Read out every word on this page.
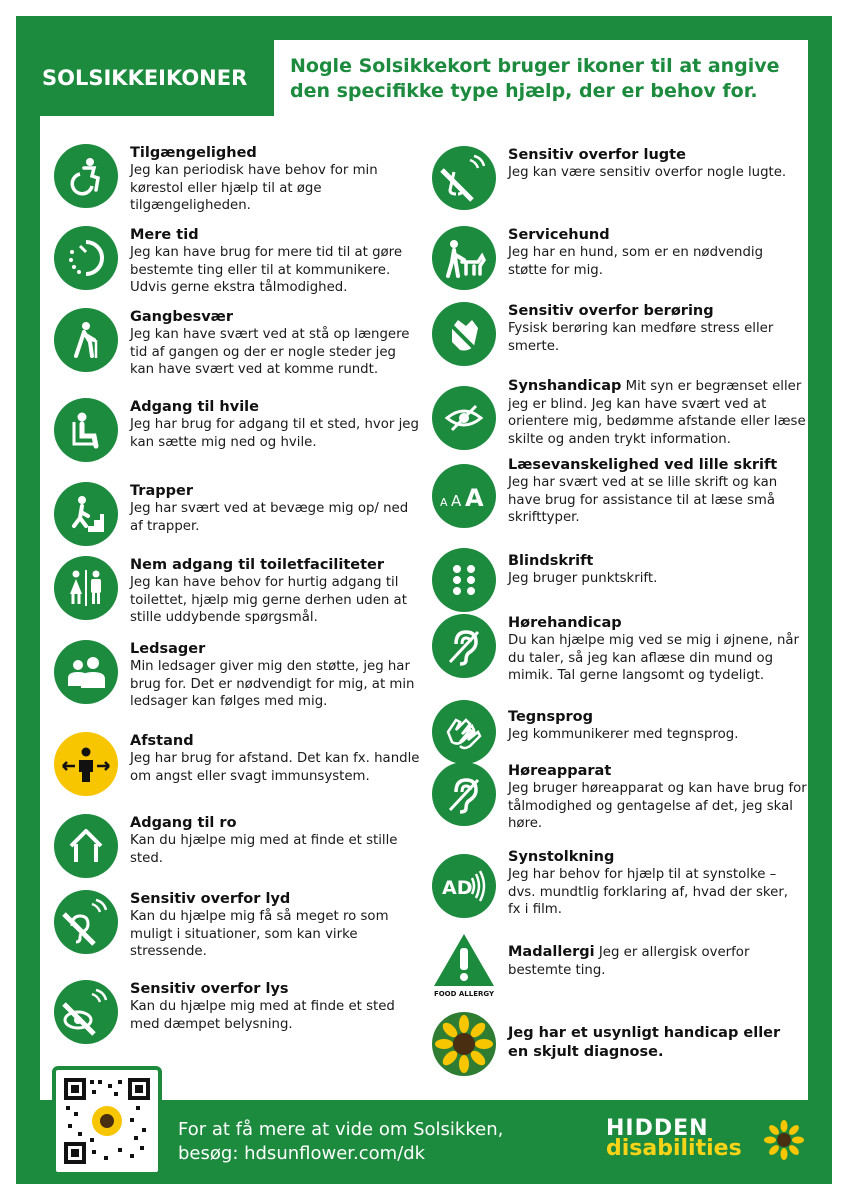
SOLSIKKEIKONER	Nogle Solsikkekort bruger ikoner til at angive den specifikke type hjælp, der er behov for.
Tilgængelighed
Jeg kan periodisk have behov for min kørestol eller hjælp til at øge tilgængeligheden.
Mere tid
Jeg kan have brug for mere tid til at gøre bestemte ting eller til at kommunikere. Udvis gerne ekstra tålmodighed.
Gangbesvær
Jeg kan have svært ved at stå op længere tid af gangen og der er nogle steder jeg kan have svært ved at komme rundt.
Adgang til hvile
Jeg har brug for adgang til et sted, hvor jeg kan sætte mig ned og hvile.
Trapper
Jeg har svært ved at bevæge mig op/ ned af trapper.
Nem adgang til toiletfaciliteter
Jeg kan have behov for hurtig adgang til toilettet, hjælp mig gerne derhen uden at stille uddybende spørgsmål.
Ledsager
Min ledsager giver mig den støtte, jeg har brug for. Det er nødvendigt for mig, at min ledsager kan følges med mig.
Afstand
Jeg har brug for afstand. Det kan fx. handle om angst eller svagt immunsystem.
Adgang til ro
Kan du hjælpe mig med at finde et stille sted.
Sensitiv overfor lyd
Kan du hjælpe mig få så meget ro som muligt i situationer, som kan virke stressende.
Sensitiv overfor lys
Kan du hjælpe mig med at finde et sted med dæmpet belysning.
Sensitiv overfor lugte
Jeg kan være sensitiv overfor nogle lugte.
Servicehund
Jeg har en hund, som er en nødvendig støtte for mig.
Sensitiv overfor berøring
Fysisk berøring kan medføre stress eller smerte.
Synshandicap Mit syn er begrænset eller jeg er blind. Jeg kan have svært ved at orientere mig, bedømme afstande eller læse skilte og anden trykt information.
A A A
Læsevanskelighed ved lille skrift
Jeg har svært ved at se lille skrift og kan have brug for assistance til at læse små skrifttyper.
Blindskrift
Jeg bruger punktskrift.
Hørehandicap
Du kan hjælpe mig ved se mig i øjnene, når du taler, så jeg kan aflæse din mund og mimik. Tal gerne langsomt og tydeligt.
Tegnsprog
Jeg kommunikerer med tegnsprog.
Høreapparat
Jeg bruger høreapparat og kan have brug for tålmodighed og gentagelse af det, jeg skal høre.
AD
Synstolkning
Jeg har behov for hjælp til at synstolke – dvs. mundtlig forklaring af, hvad der sker, fx i film.
FOOD ALLERGY
Madallergi Jeg er allergisk overfor bestemte ting.
Jeg har et usynligt handicap eller en skjult diagnose.
For at få mere at vide om Solsikken,
besøg: hdsunflower.com/dk
HIDDEN
disabilities
